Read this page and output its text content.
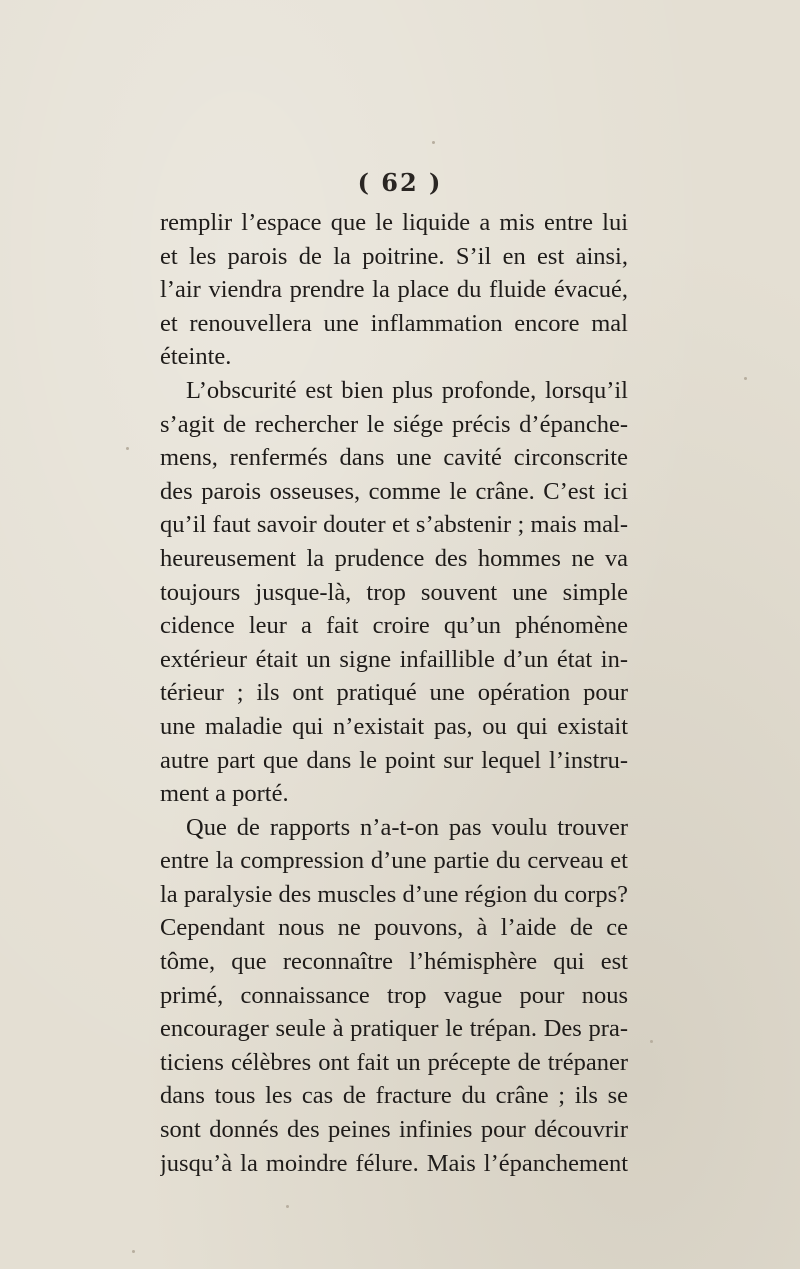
( 62 )
remplir l’espace que le liquide a mis entre lui
et les parois de la poitrine. S’il en est ainsi,
l’air viendra prendre la place du fluide évacué,
et renouvellera une inflammation encore mal
éteinte.
L’obscurité est bien plus profonde, lorsqu’il
s’agit de rechercher le siége précis d’épanche-
mens, renfermés dans une cavité circonscrite
des parois osseuses, comme le crâne. C’est ici
qu’il faut savoir douter et s’abstenir ; mais mal-
heureusement la prudence des hommes ne va
toujours jusque-là, trop souvent une simple
cidence leur a fait croire qu’un phénomène
extérieur était un signe infaillible d’un état in-
térieur ; ils ont pratiqué une opération pour
une maladie qui n’existait pas, ou qui existait
autre part que dans le point sur lequel l’instru-
ment a porté.
Que de rapports n’a-t-on pas voulu trouver
entre la compression d’une partie du cerveau et
la paralysie des muscles d’une région du corps?
Cependant nous ne pouvons, à l’aide de ce
tôme, que reconnaître l’hémisphère qui est
primé, connaissance trop vague pour nous
encourager seule à pratiquer le trépan. Des pra-
ticiens célèbres ont fait un précepte de trépaner
dans tous les cas de fracture du crâne ; ils se
sont donnés des peines infinies pour découvrir
jusqu’à la moindre félure. Mais l’épanchement
